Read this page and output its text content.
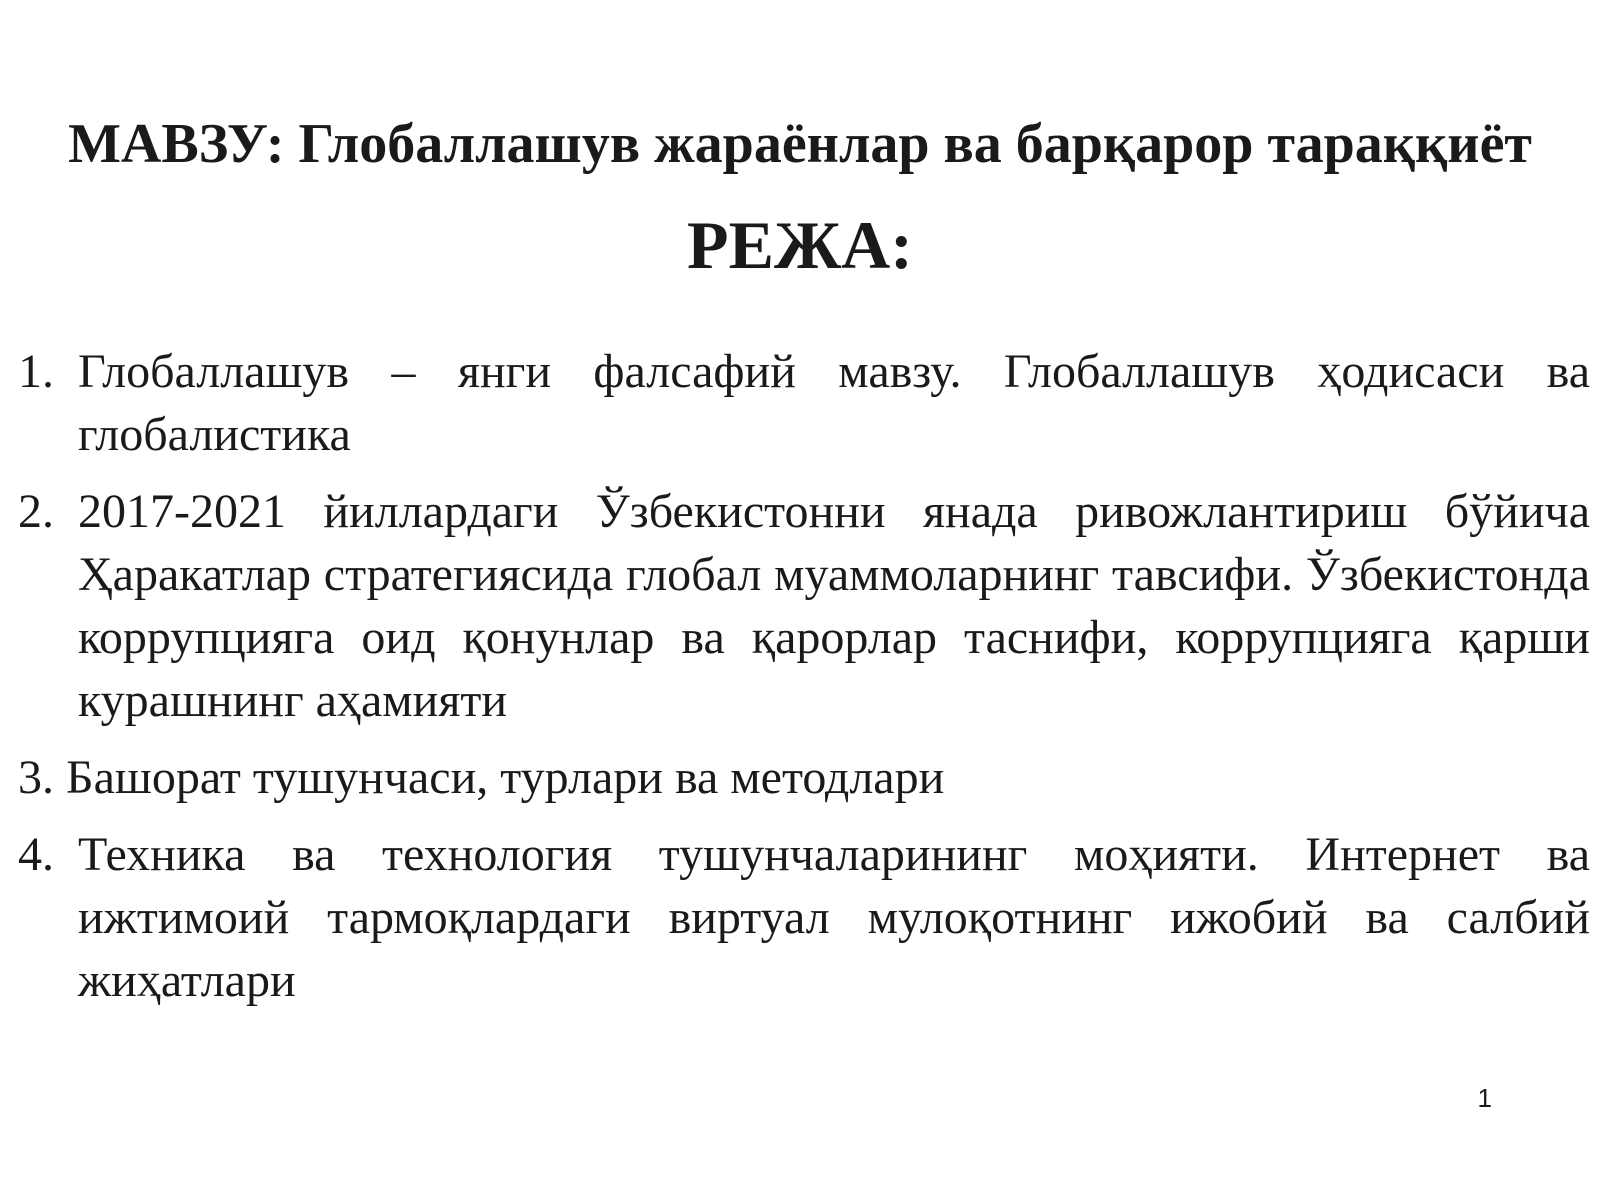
МАВЗУ: Глобаллашув жараёнлар ва барқарор тараққиёт
РЕЖА:
1. Глобаллашув – янги фалсафий мавзу. Глобаллашув ҳодисаси ва глобалистика
2. 2017-2021 йиллардаги Ўзбекистонни янада ривожлантириш бўйича Ҳаракатлар стратегиясида глобал муаммоларнинг тавсифи. Ўзбекистонда коррупцияга оид қонунлар ва қарорлар таснифи, коррупцияга қарши курашнинг аҳамияти
3. Башорат тушунчаси, турлари ва методлари
4. Техника ва технология тушунчаларининг моҳияти. Интернет ва ижтимоий тармоқлардаги виртуал мулоқотнинг ижобий ва салбий жиҳатлари
1
